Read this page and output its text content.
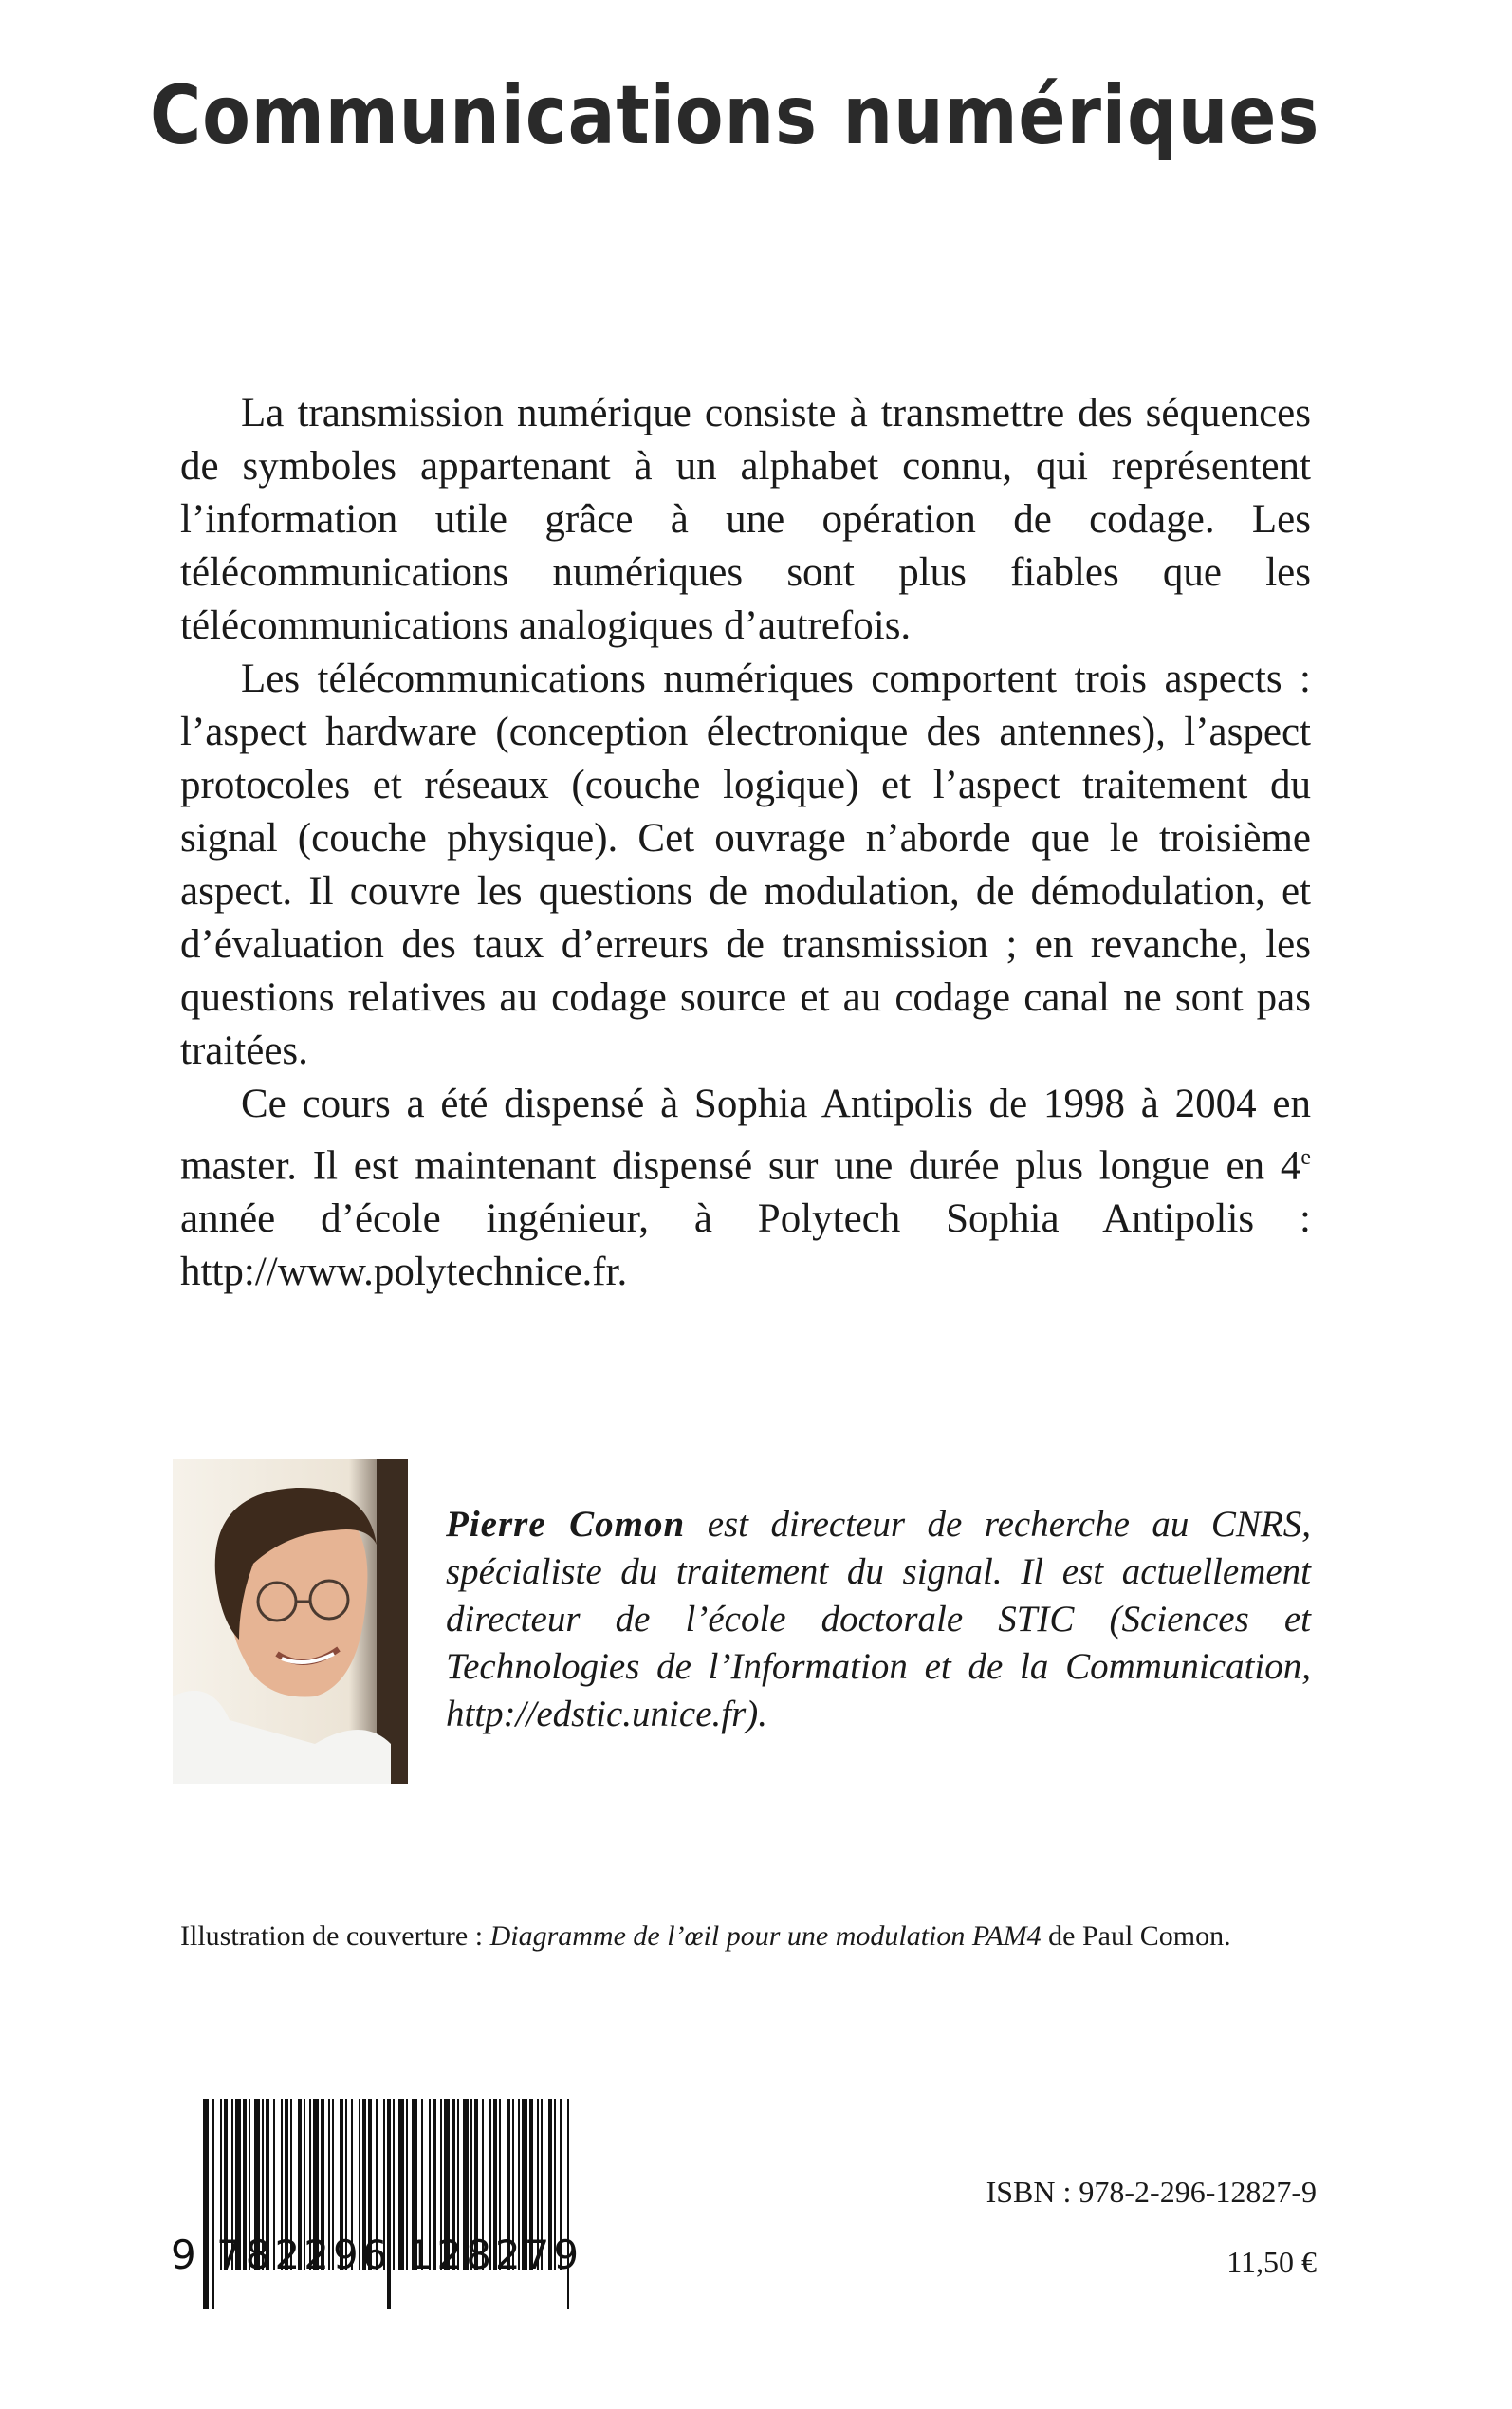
Communications numériques

La transmission numérique consiste à transmettre des séquences de symboles appartenant à un alphabet connu, qui représentent l’information utile grâce à une opération de codage. Les télécommunications numériques sont plus fiables que les télécommunications analogiques d’autrefois.

Les télécommunications numériques comportent trois aspects : l’aspect hardware (conception électronique des antennes), l’aspect protocoles et réseaux (couche logique) et l’aspect traitement du signal (couche physique). Cet ouvrage n’aborde que le troisième aspect. Il couvre les questions de modulation, de démodulation, et d’évaluation des taux d’erreurs de transmission ; en revanche, les questions relatives au codage source et au codage canal ne sont pas traitées.

Ce cours a été dispensé à Sophia Antipolis de 1998 à 2004 en master. Il est maintenant dispensé sur une durée plus longue en 4e année d’école ingénieur, à Polytech Sophia Antipolis : http://www.polytechnice.fr.

Pierre Comon est directeur de recherche au CNRS, spécialiste du traitement du signal. Il est actuellement directeur de l’école doctorale STIC (Sciences et Technologies de l’Information et de la Communication, http://edstic.unice.fr).
Illustration de couverture : Diagramme de l’œil pour une modulation PAM4 de Paul Comon.
9 782296 128279
ISBN : 978-2-296-12827-9
11,50 €
